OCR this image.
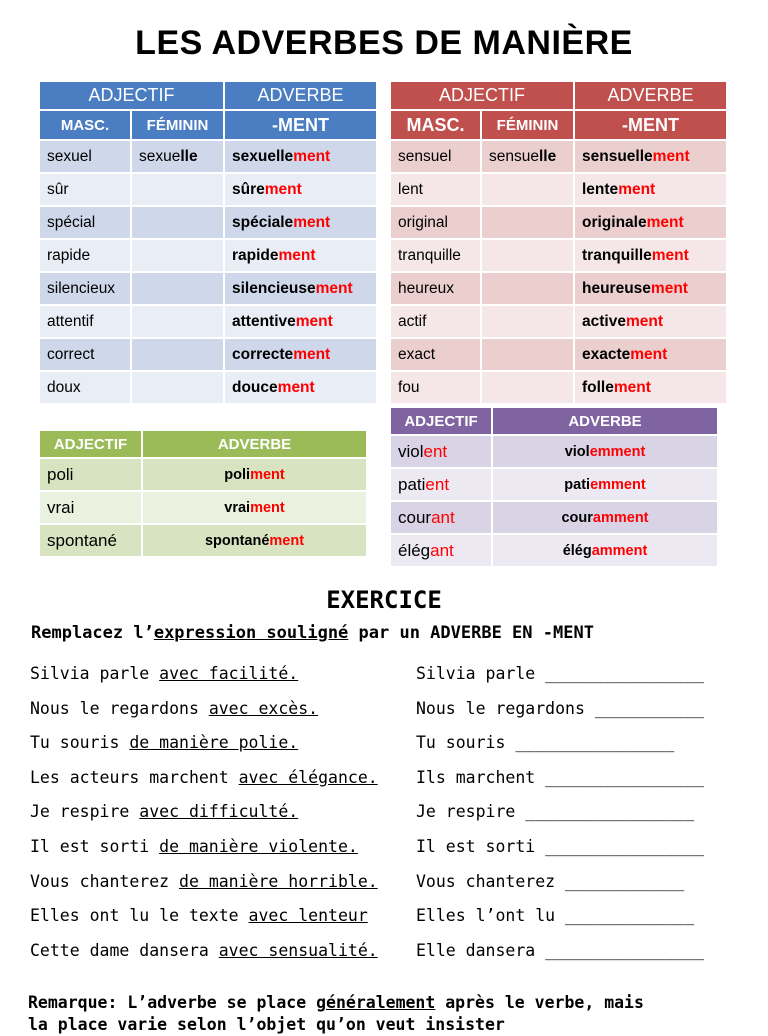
LES ADVERBES DE MANIÈRE
ADJECTIF		ADVERBE
MASC.	FÉMININ	-MENT
sexuel	sexuelle	sexuellement
sûr		sûrement
spécial		spécialement
rapide		rapidement
silencieux		silencieusement
attentif		attentivement
correct		correctement
doux		doucement
ADJECTIF		ADVERBE
MASC.	FÉMININ	-MENT
sensuel	sensuelle	sensuellement
lent		lentement
original		originalement
tranquille		tranquillement
heureux		heureusement
actif		activement
exact		exactement
fou		follement
ADJECTIF	ADVERBE
poli	poliment
vrai	vraiment
spontané	spontanément
ADJECTIF	ADVERBE
violent	violemment
patient	patiemment
courant	couramment
élégant	élégamment
EXERCICE
Remplacez l’expression souligné par un ADVERBE EN -MENT
Silvia parle avec facilité.	Silvia parle ________________
Nous le regardons avec excès.	Nous le regardons ___________
Tu souris de manière polie.	Tu souris ________________
Les acteurs marchent avec élégance. Ils marchent ________________
Je respire avec difficulté.	Je respire _________________
Il est sorti de manière violente.	Il est sorti ________________
Vous chanterez de manière horrible. Vous chanterez ____________
Elles ont lu le texte avec lenteur	Elles l’ont lu _____________
Cette dame dansera avec sensualité. Elle dansera ________________
Remarque: L’adverbe se place généralement après le verbe, mais
la place varie selon l’objet qu’on veut insister
